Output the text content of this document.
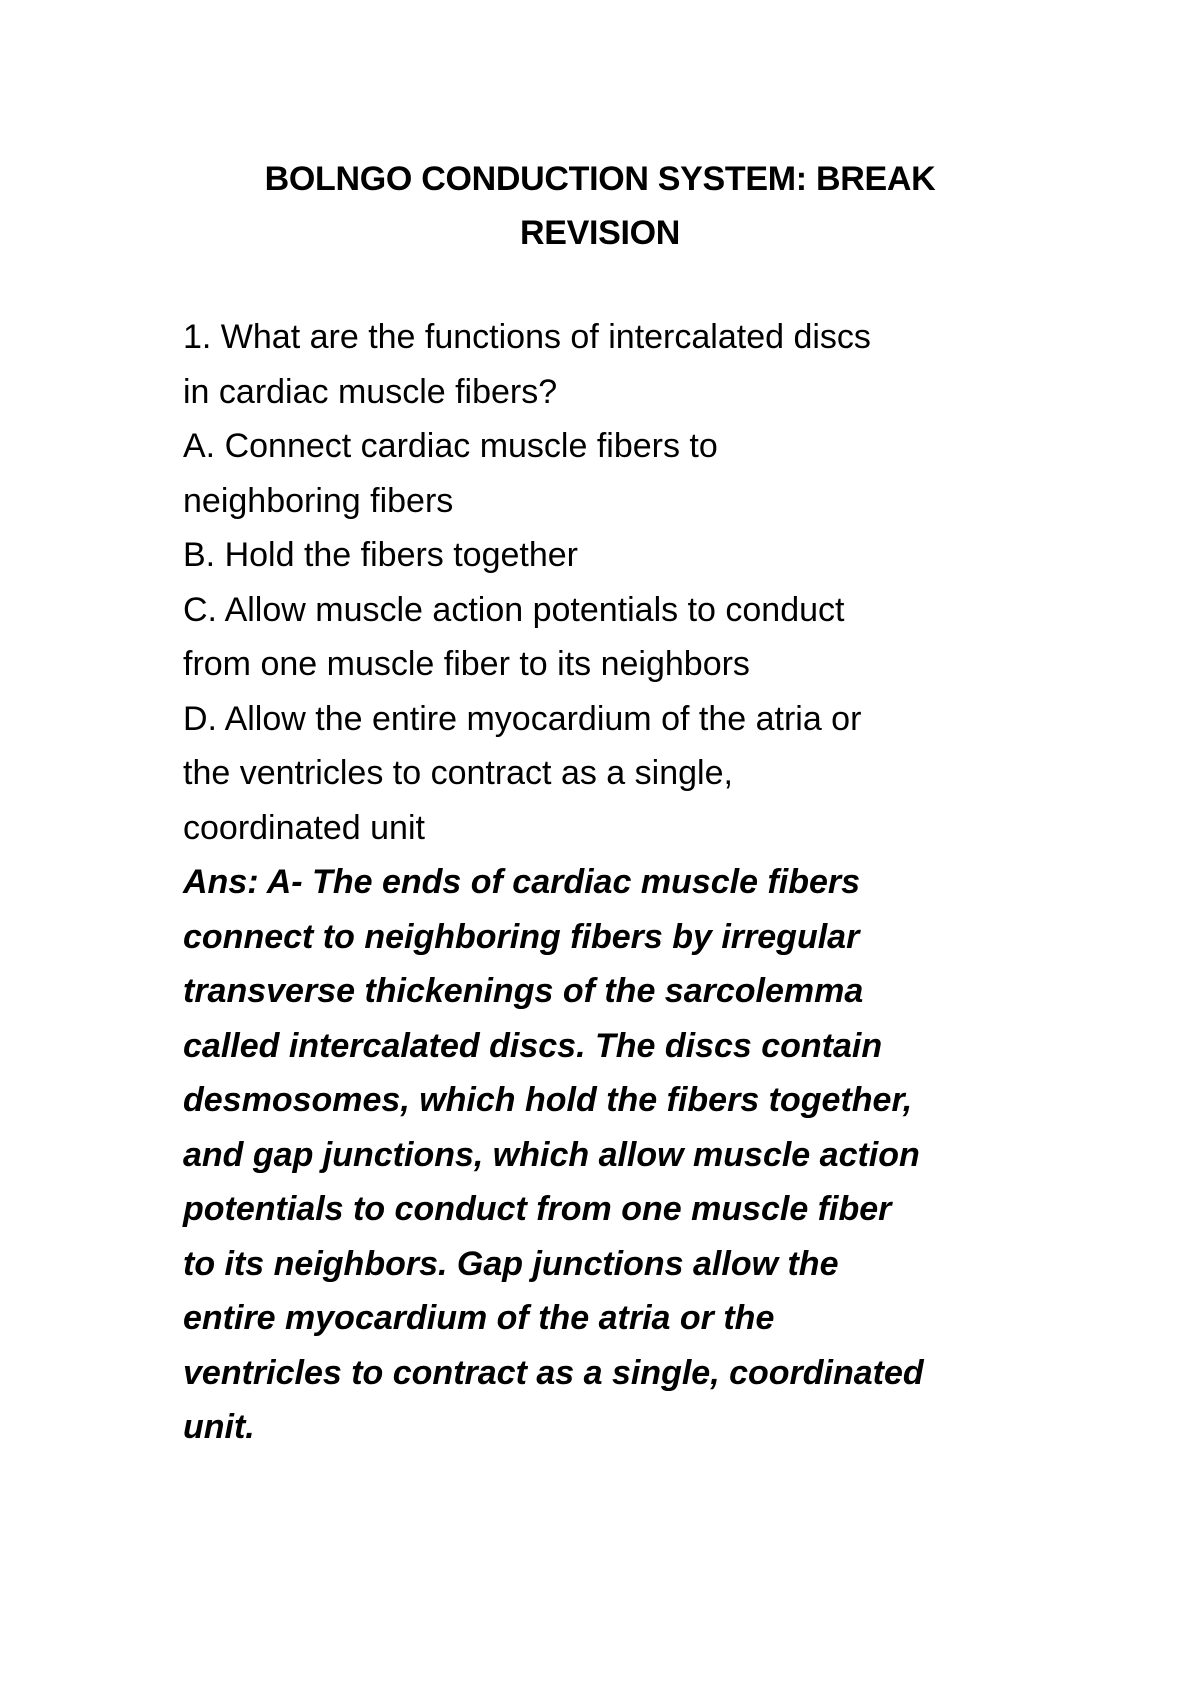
BOLNGO CONDUCTION SYSTEM: BREAK
REVISION
1. What are the functions of intercalated discs
in cardiac muscle fibers?
A. Connect cardiac muscle fibers to
neighboring fibers
B. Hold the fibers together
C. Allow muscle action potentials to conduct
from one muscle fiber to its neighbors
D. Allow the entire myocardium of the atria or
the ventricles to contract as a single,
coordinated unit
Ans: A- The ends of cardiac muscle fibers
connect to neighboring fibers by irregular
transverse thickenings of the sarcolemma
called intercalated discs. The discs contain
desmosomes, which hold the fibers together,
and gap junctions, which allow muscle action
potentials to conduct from one muscle fiber
to its neighbors. Gap junctions allow the
entire myocardium of the atria or the
ventricles to contract as a single, coordinated
unit.
